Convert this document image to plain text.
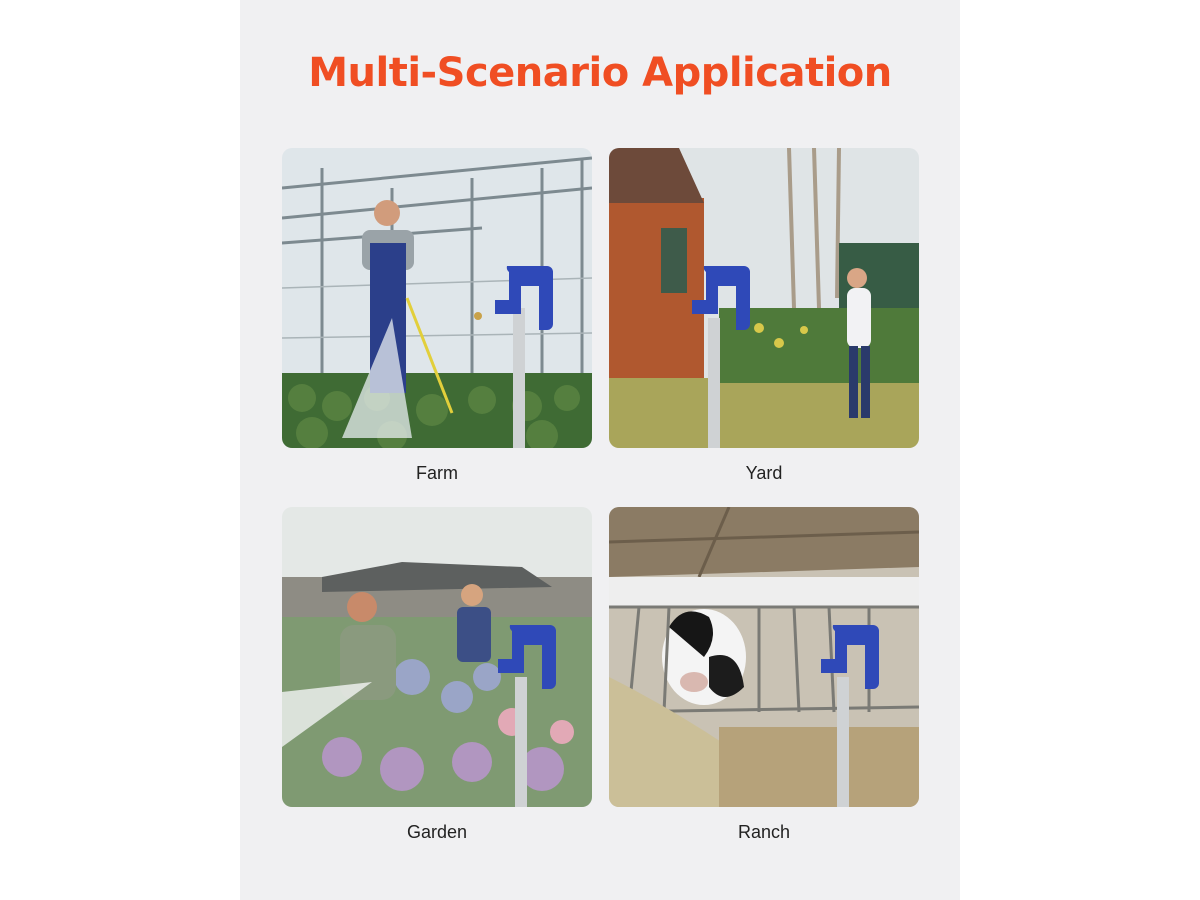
Multi-Scenario Application
Farm	Yard
Garden	Ranch
